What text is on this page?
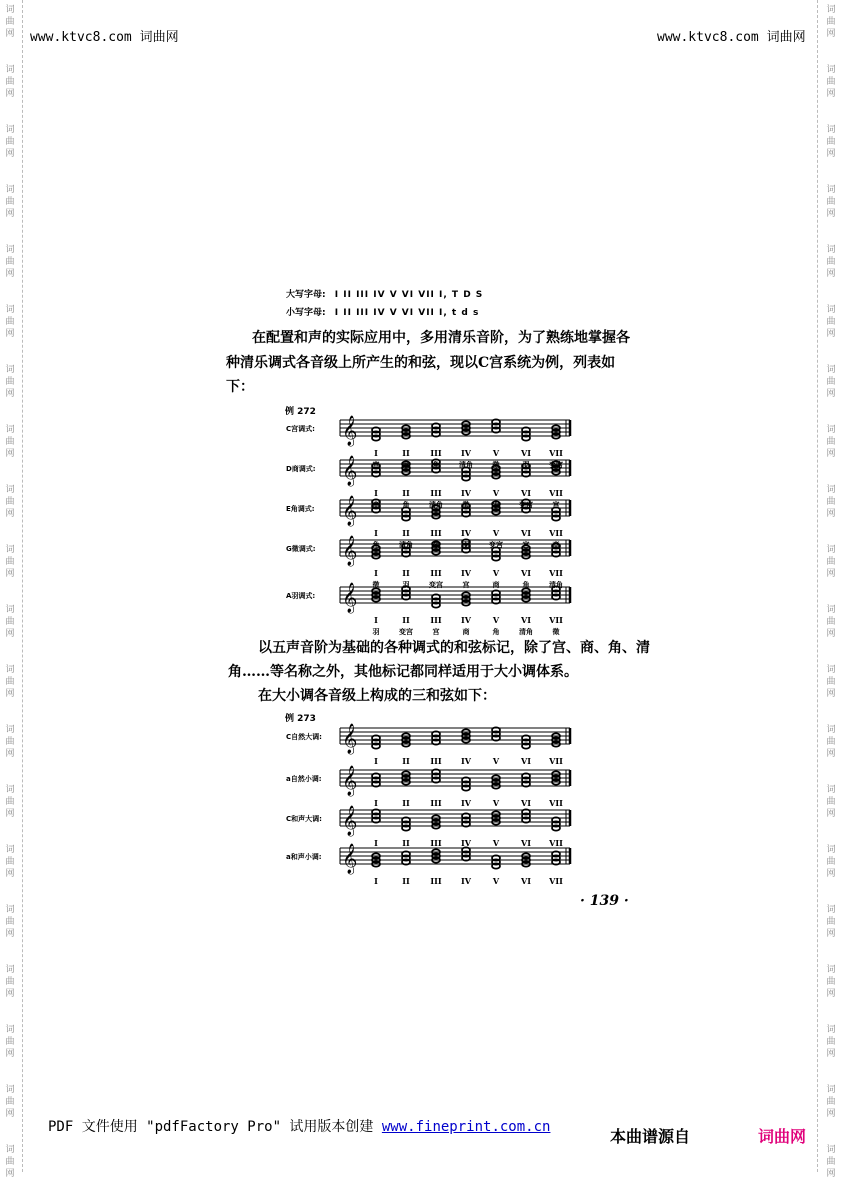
词
曲
网
词
曲
网
词
曲
网
词
曲
网
词
曲
网
词
曲
网
词
曲
网
词
曲
网
词
曲
网
词
曲
网
词
曲
网
词
曲
网
词
曲
网
词
曲
网
词
曲
网
词
曲
网
词
曲
网
词
曲
网
词
曲
网
词
曲
网
词
曲
网
词
曲
网
词
曲
网
词
曲
网
词
曲
网
词
曲
网
词
曲
网
词
曲
网
词
曲
网
词
曲
网
词
曲
网
词
曲
网
词
曲
网
词
曲
网
词
曲
网
词
曲
网
词
曲
网
词
曲
网
词
曲
网
词
曲
网
www.ktvc8.com 词曲网	www.ktvc8.com 词曲网
大写字母: I II III IV V VI VII I, T D S
小写字母: I II III IV V VI VII I, t d s
在配置和声的实际应用中，多用清乐音阶，为了熟练地掌握各
种清乐调式各音级上所产生的和弦，现以C宫系统为例，列表如
下：
例 272
𝄞
I
宫
II
商
III
角
IV
清角
V
徵
VI
羽
VII
变宫
C宫调式:
𝄞
I
商
II
角
III
清角
IV
徵
V
羽
VI
变宫
VII
宫
D商调式:
𝄞
I
角
II
清角
III
徵
IV
羽
V
变宫
VI
宫
VII
商
E角调式:
𝄞
I
徵
II
羽
III
变宫
IV
宫
V
商
VI
角
VII
清角
G徵调式:
𝄞
I
羽
II
变宫
III
宫
IV
商
V
角
VI
清角
VII
徵
A羽调式:
以五声音阶为基础的各种调式的和弦标记，除了宫、商、角、清
角……等名称之外，其他标记都同样适用于大小调体系。
在大小调各音级上构成的三和弦如下：
例 273
𝄞
I	II	III IV	V	VI VII
C自然大调:
𝄞
I	II	III IV	V	VI VII
a自然小调:
𝄞
I	II	III IV	V	VI VII
C和声大调:
𝄞
I	II	III IV	V	VI VII
a和声小调:
· 139 ·
PDF 文件使用 "pdfFactory Pro" 试用版本创建 www.fineprint.com.cn	本曲谱源自	词曲网
